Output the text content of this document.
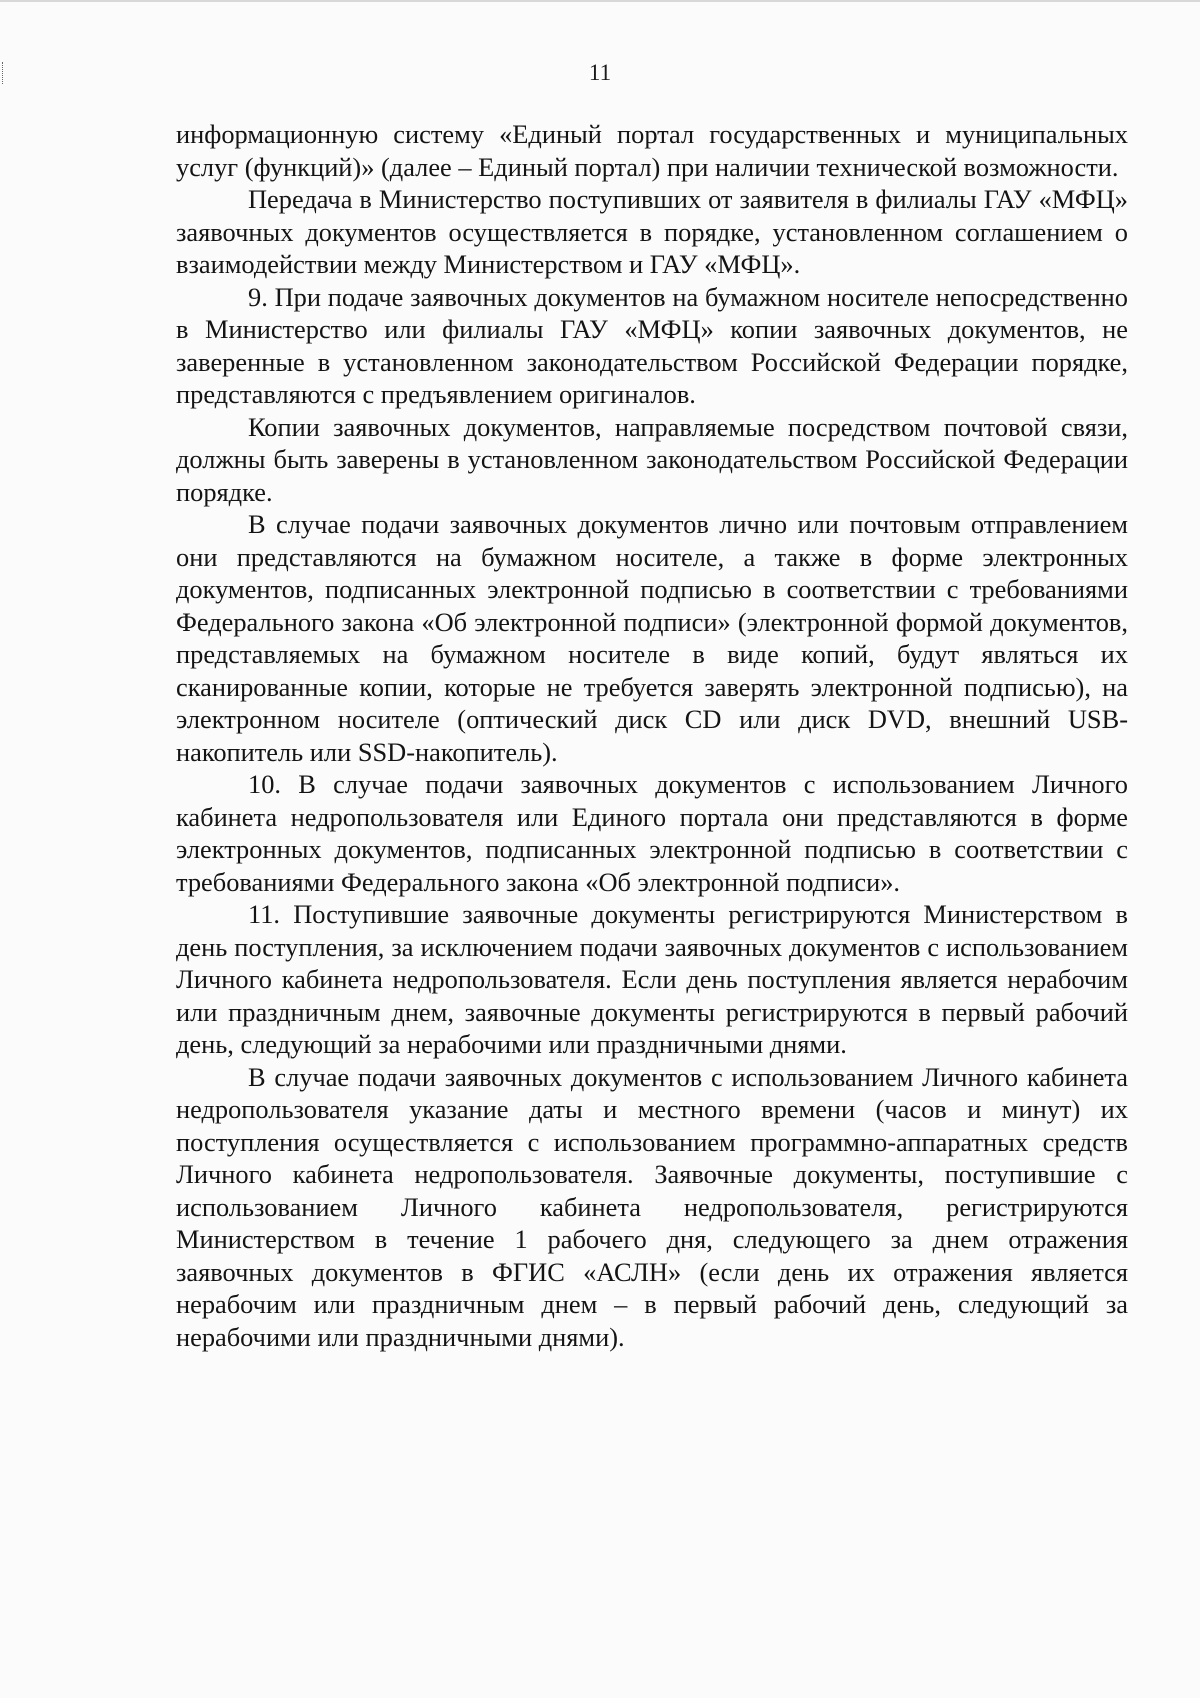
11

информационную систему «Единый портал государственных и муниципальных услуг (функций)» (далее – Единый портал) при наличии технической возможности.

Передача в Министерство поступивших от заявителя в филиалы ГАУ «МФЦ» заявочных документов осуществляется в порядке, установленном соглашением о взаимодействии между Министерством и ГАУ «МФЦ».

9. При подаче заявочных документов на бумажном носителе непосредственно в Министерство или филиалы ГАУ «МФЦ» копии заявочных документов, не заверенные в установленном законодательством Российской Федерации порядке, представляются с предъявлением оригиналов.

Копии заявочных документов, направляемые посредством почтовой связи, должны быть заверены в установленном законодательством Российской Федерации порядке.

В случае подачи заявочных документов лично или почтовым отправлением они представляются на бумажном носителе, а также в форме электронных документов, подписанных электронной подписью в соответствии с требованиями Федерального закона «Об электронной подписи» (электронной формой документов, представляемых на бумажном носителе в виде копий, будут являться их сканированные копии, которые не требуется заверять электронной подписью), на электронном носителе (оптический диск CD или диск DVD, внешний USB-накопитель или SSD-накопитель).

10. В случае подачи заявочных документов с использованием Личного кабинета недропользователя или Единого портала они представляются в форме электронных документов, подписанных электронной подписью в соответствии с требованиями Федерального закона «Об электронной подписи».

11. Поступившие заявочные документы регистрируются Министерством в день поступления, за исключением подачи заявочных документов с использованием Личного кабинета недропользователя. Если день поступления является нерабочим или праздничным днем, заявочные документы регистрируются в первый рабочий день, следующий за нерабочими или праздничными днями.

В случае подачи заявочных документов с использованием Личного кабинета недропользователя указание даты и местного времени (часов и минут) их поступления осуществляется с использованием программно-аппаратных средств Личного кабинета недропользователя. Заявочные документы, поступившие с использованием Личного кабинета недропользователя, регистрируются Министерством в течение 1 рабочего дня, следующего за днем отражения заявочных документов в ФГИС «АСЛН» (если день их отражения является нерабочим или праздничным днем – в первый рабочий день, следующий за нерабочими или праздничными днями).
